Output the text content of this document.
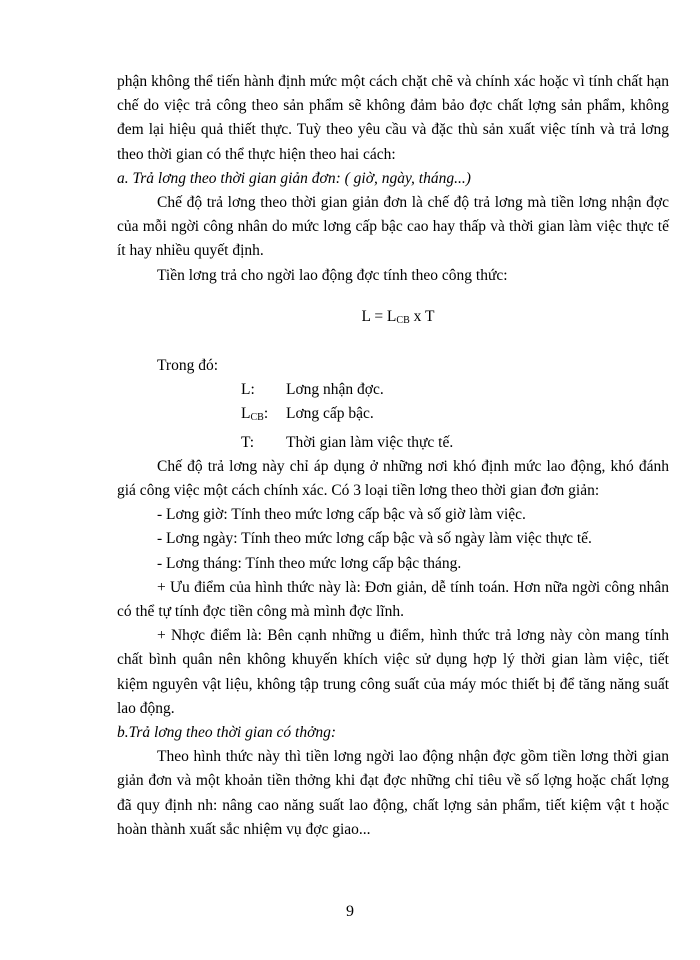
phận không thể tiến hành định mức một cách chặt chẽ và chính xác hoặc vì tính chất hạn chế do việc trả công theo sản phẩm sẽ không đảm bảo đợc chất lợng sản phẩm, không đem lại hiệu quả thiết thực. Tuỳ theo yêu cầu và đặc thù sản xuất việc tính và trả lơng theo thời gian có thể thực hiện theo hai cách:

a. Trả lơng theo thời gian giản đơn: ( giờ, ngày, tháng...)

Chế độ trả lơng theo thời gian giản đơn là chế độ trả lơng mà tiền lơng nhận đợc của mỗi ngời công nhân do mức lơng cấp bậc cao hay thấp và thời gian làm việc thực tế ít hay nhiều quyết định.

Tiền lơng trả cho ngời lao động đợc tính theo công thức:

$L = L_{CB}$ x T

Trong đó:

L: Lơng nhận đợc.

$L_{CB}$: Lơng cấp bậc.

T: Thời gian làm việc thực tế.

Chế độ trả lơng này chỉ áp dụng ở những nơi khó định mức lao động, khó đánh giá công việc một cách chính xác. Có 3 loại tiền lơng theo thời gian đơn giản:

- Lơng giờ: Tính theo mức lơng cấp bậc và số giờ làm việc.

- Lơng ngày: Tính theo mức lơng cấp bậc và số ngày làm việc thực tế.

- Lơng tháng: Tính theo mức lơng cấp bậc tháng.

+ Ưu điểm của hình thức này là: Đơn giản, dễ tính toán. Hơn nữa ngời công nhân có thể tự tính đợc tiền công mà mình đợc lĩnh.

+ Nhợc điểm là: Bên cạnh những u điểm, hình thức trả lơng này còn mang tính chất bình quân nên không khuyến khích việc sử dụng hợp lý thời gian làm việc, tiết kiệm nguyên vật liệu, không tập trung công suất của máy móc thiết bị để tăng năng suất lao động.

b.Trả lơng theo thời gian có thởng:

Theo hình thức này thì tiền lơng ngời lao động nhận đợc gồm tiền lơng thời gian giản đơn và một khoản tiền thởng khi đạt đợc những chỉ tiêu về số lợng hoặc chất lợng đã quy định nh: nâng cao năng suất lao động, chất lợng sản phẩm, tiết kiệm vật t hoặc hoàn thành xuất sắc nhiệm vụ đợc giao...

9
